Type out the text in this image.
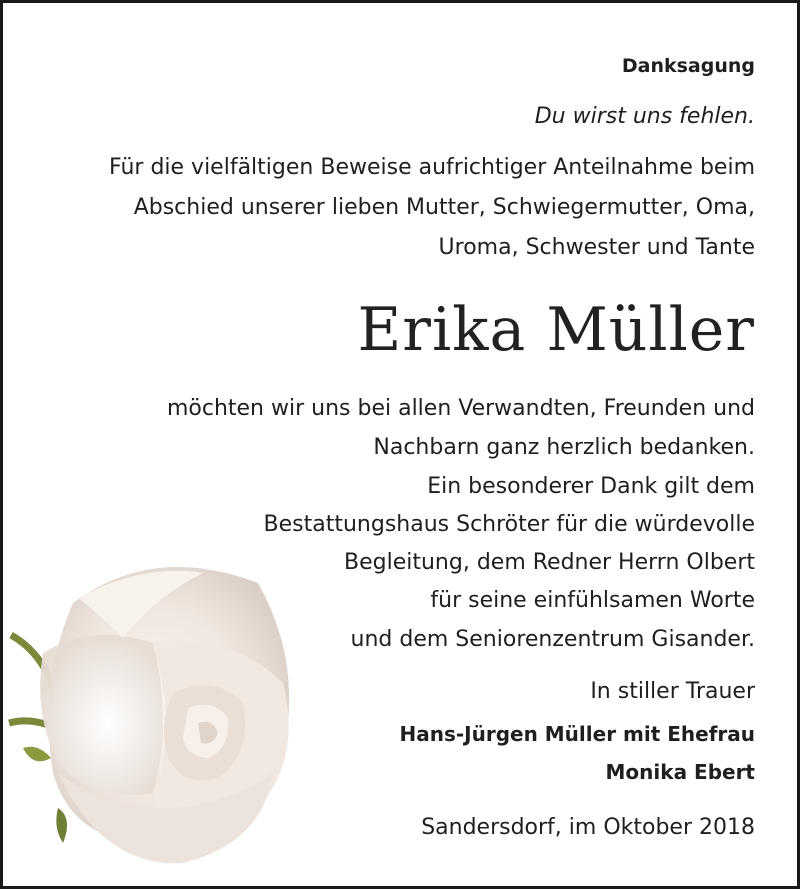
Danksagung
Du wirst uns fehlen.
Für die vielfältigen Beweise aufrichtiger Anteilnahme beim
Abschied unserer lieben Mutter, Schwiegermutter, Oma,
Uroma, Schwester und Tante
Erika Müller
möchten wir uns bei allen Verwandten, Freunden und
Nachbarn ganz herzlich bedanken.
Ein besonderer Dank gilt dem
Bestattungshaus Schröter für die würdevolle
Begleitung, dem Redner Herrn Olbert
für seine einfühlsamen Worte
und dem Seniorenzentrum Gisander.
In stiller Trauer
Hans-Jürgen Müller mit Ehefrau
Monika Ebert
Sandersdorf, im Oktober 2018
